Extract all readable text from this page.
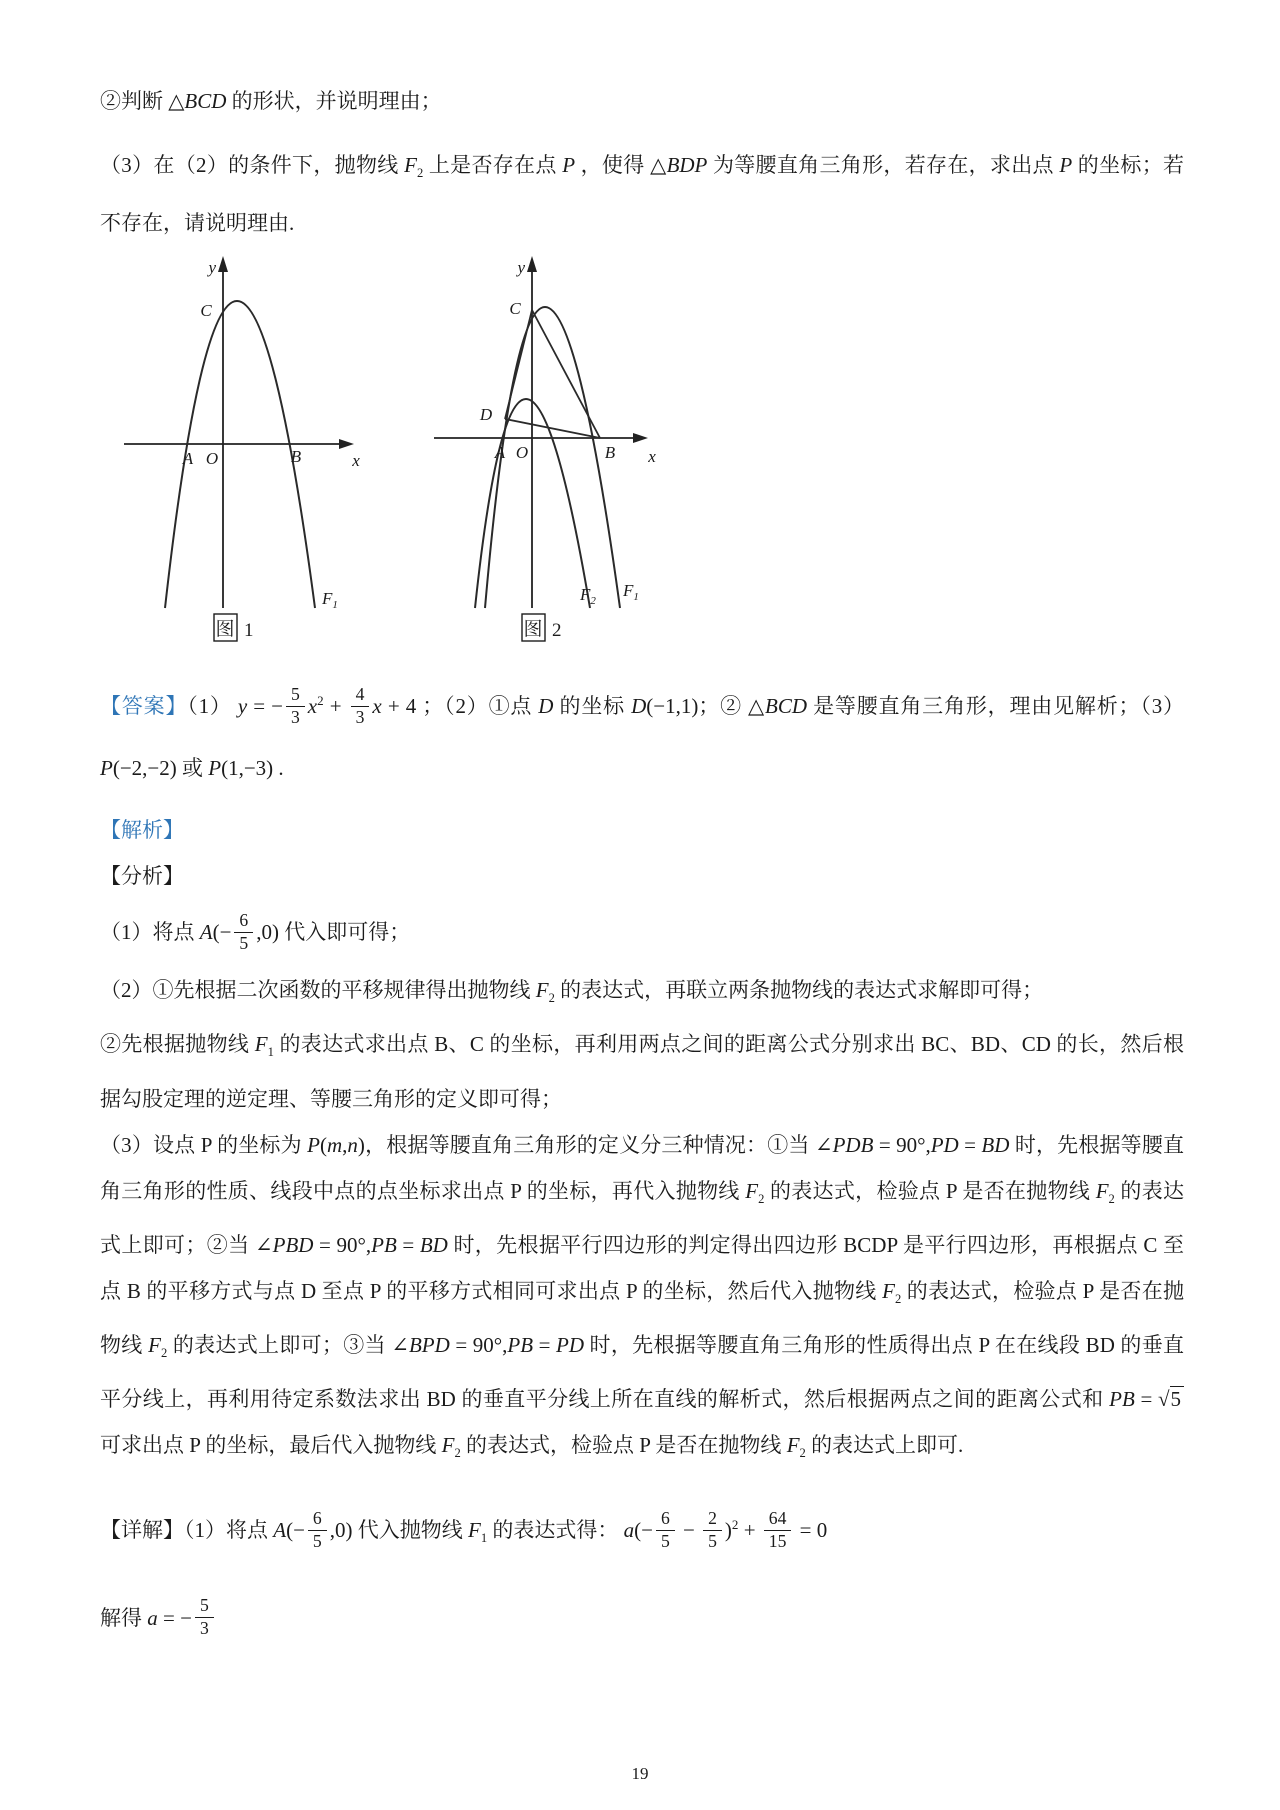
②判断 △BCD 的形状，并说明理由；
（3）在（2）的条件下，抛物线 $F_2$ 上是否存在点 P ，使得 △BDP 为等腰直角三角形，若存在，求出点 P 的坐标；若不存在，请说明理由.
y
C
A O	B	x
$F_1$
图 1
y
C
D
A O	B x
$F_2$
$F_1$
图 2
【答案】（1） y = − $\frac{5}{3} x^2 + \frac{4}{3}$ x + 4 ；（2）①点 D 的坐标 D(−1,1)；② △BCD 是等腰直角三角形，理由见解析；（3） P(−2,−2) 或 P(1,−3) .
【解析】
【分析】
（1）将点 $A(- \frac{6}{5} ,0)$ 代入即可得；
（2）①先根据二次函数的平移规律得出抛物线 $F_2$ 的表达式，再联立两条抛物线的表达式求解即可得；
②先根据抛物线 $F_1$ 的表达式求出点 B、C 的坐标，再利用两点之间的距离公式分别求出 BC、BD、CD 的长，然后根据勾股定理的逆定理、等腰三角形的定义即可得；
（3）设点 P 的坐标为 P(m,n)，根据等腰直角三角形的定义分三种情况：①当 ∠PDB = 90°,PD = BD 时，先根据等腰直角三角形的性质、线段中点的点坐标求出点 P 的坐标，再代入抛物线 $F_2$ 的表达式，检验点 P 是否在抛物线 $F_2$ 的表达式上即可；②当 ∠PBD = 90°,PB = BD 时，先根据平行四边形的判定得出四边形 BCDP 是平行四边形，再根据点 C 至点 B 的平移方式与点 D 至点 P 的平移方式相同可求出点 P 的坐标，然后代入抛物线 $F_2$ 的表达式，检验点 P 是否在抛物线 $F_2$ 的表达式上即可；③当 ∠BPD = 90°,PB = PD 时，先根据等腰直角三角形的性质得出点 P 在在线段 BD 的垂直平分线上，再利用待定系数法求出 BD 的垂直平分线上所在直线的解析式，然后根据两点之间的距离公式和 PB = √5 可求出点 P 的坐标，最后代入抛物线 $F_2$ 的表达式，检验点 P 是否在抛物线 $F_2$ 的表达式上即可.
【详解】（1）将点 $A(- \frac{6}{5} ,0)$ 代入抛物线 $F_1$ 的表达式得： $a(- \frac{6}{5} - \frac{2}{5} )^2 + \frac{64}{15} = 0$
解得 a = − $\frac{5}{3}$
19
